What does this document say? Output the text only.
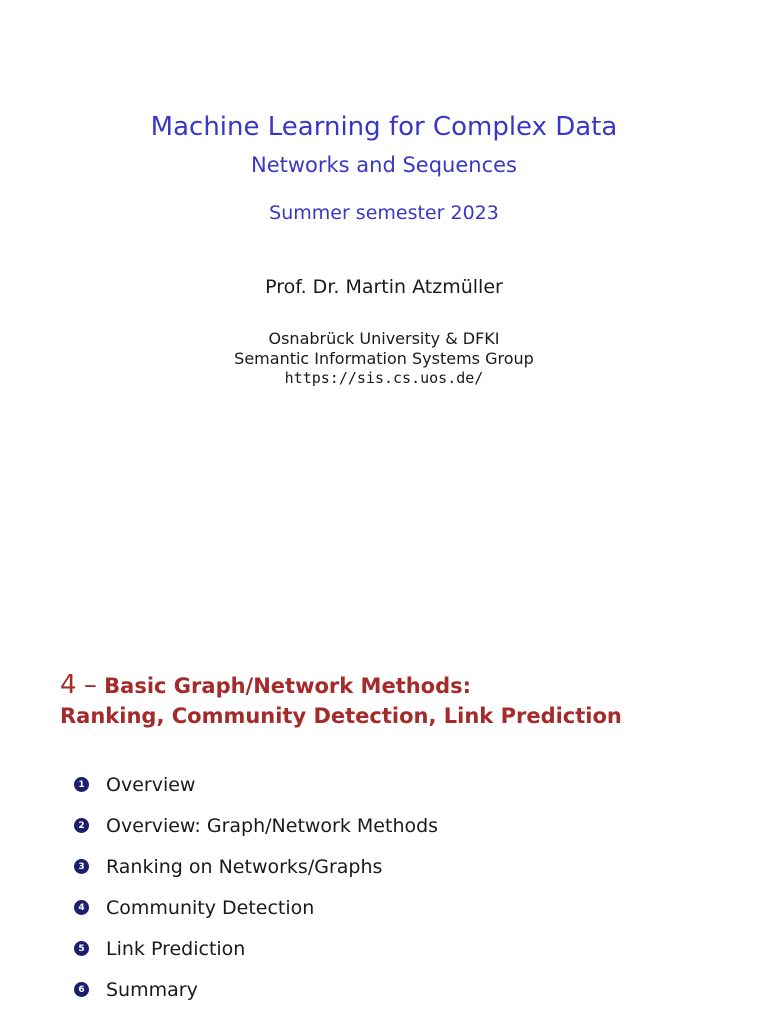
Machine Learning for Complex Data
Networks and Sequences
Summer semester 2023
Prof. Dr. Martin Atzmüller
Osnabrück University & DFKI
Semantic Information Systems Group
https://sis.cs.uos.de/
4 – Basic Graph/Network Methods:
Ranking, Community Detection, Link Prediction
1 Overview
2 Overview: Graph/Network Methods
3 Ranking on Networks/Graphs
4 Community Detection
5 Link Prediction
6 Summary
